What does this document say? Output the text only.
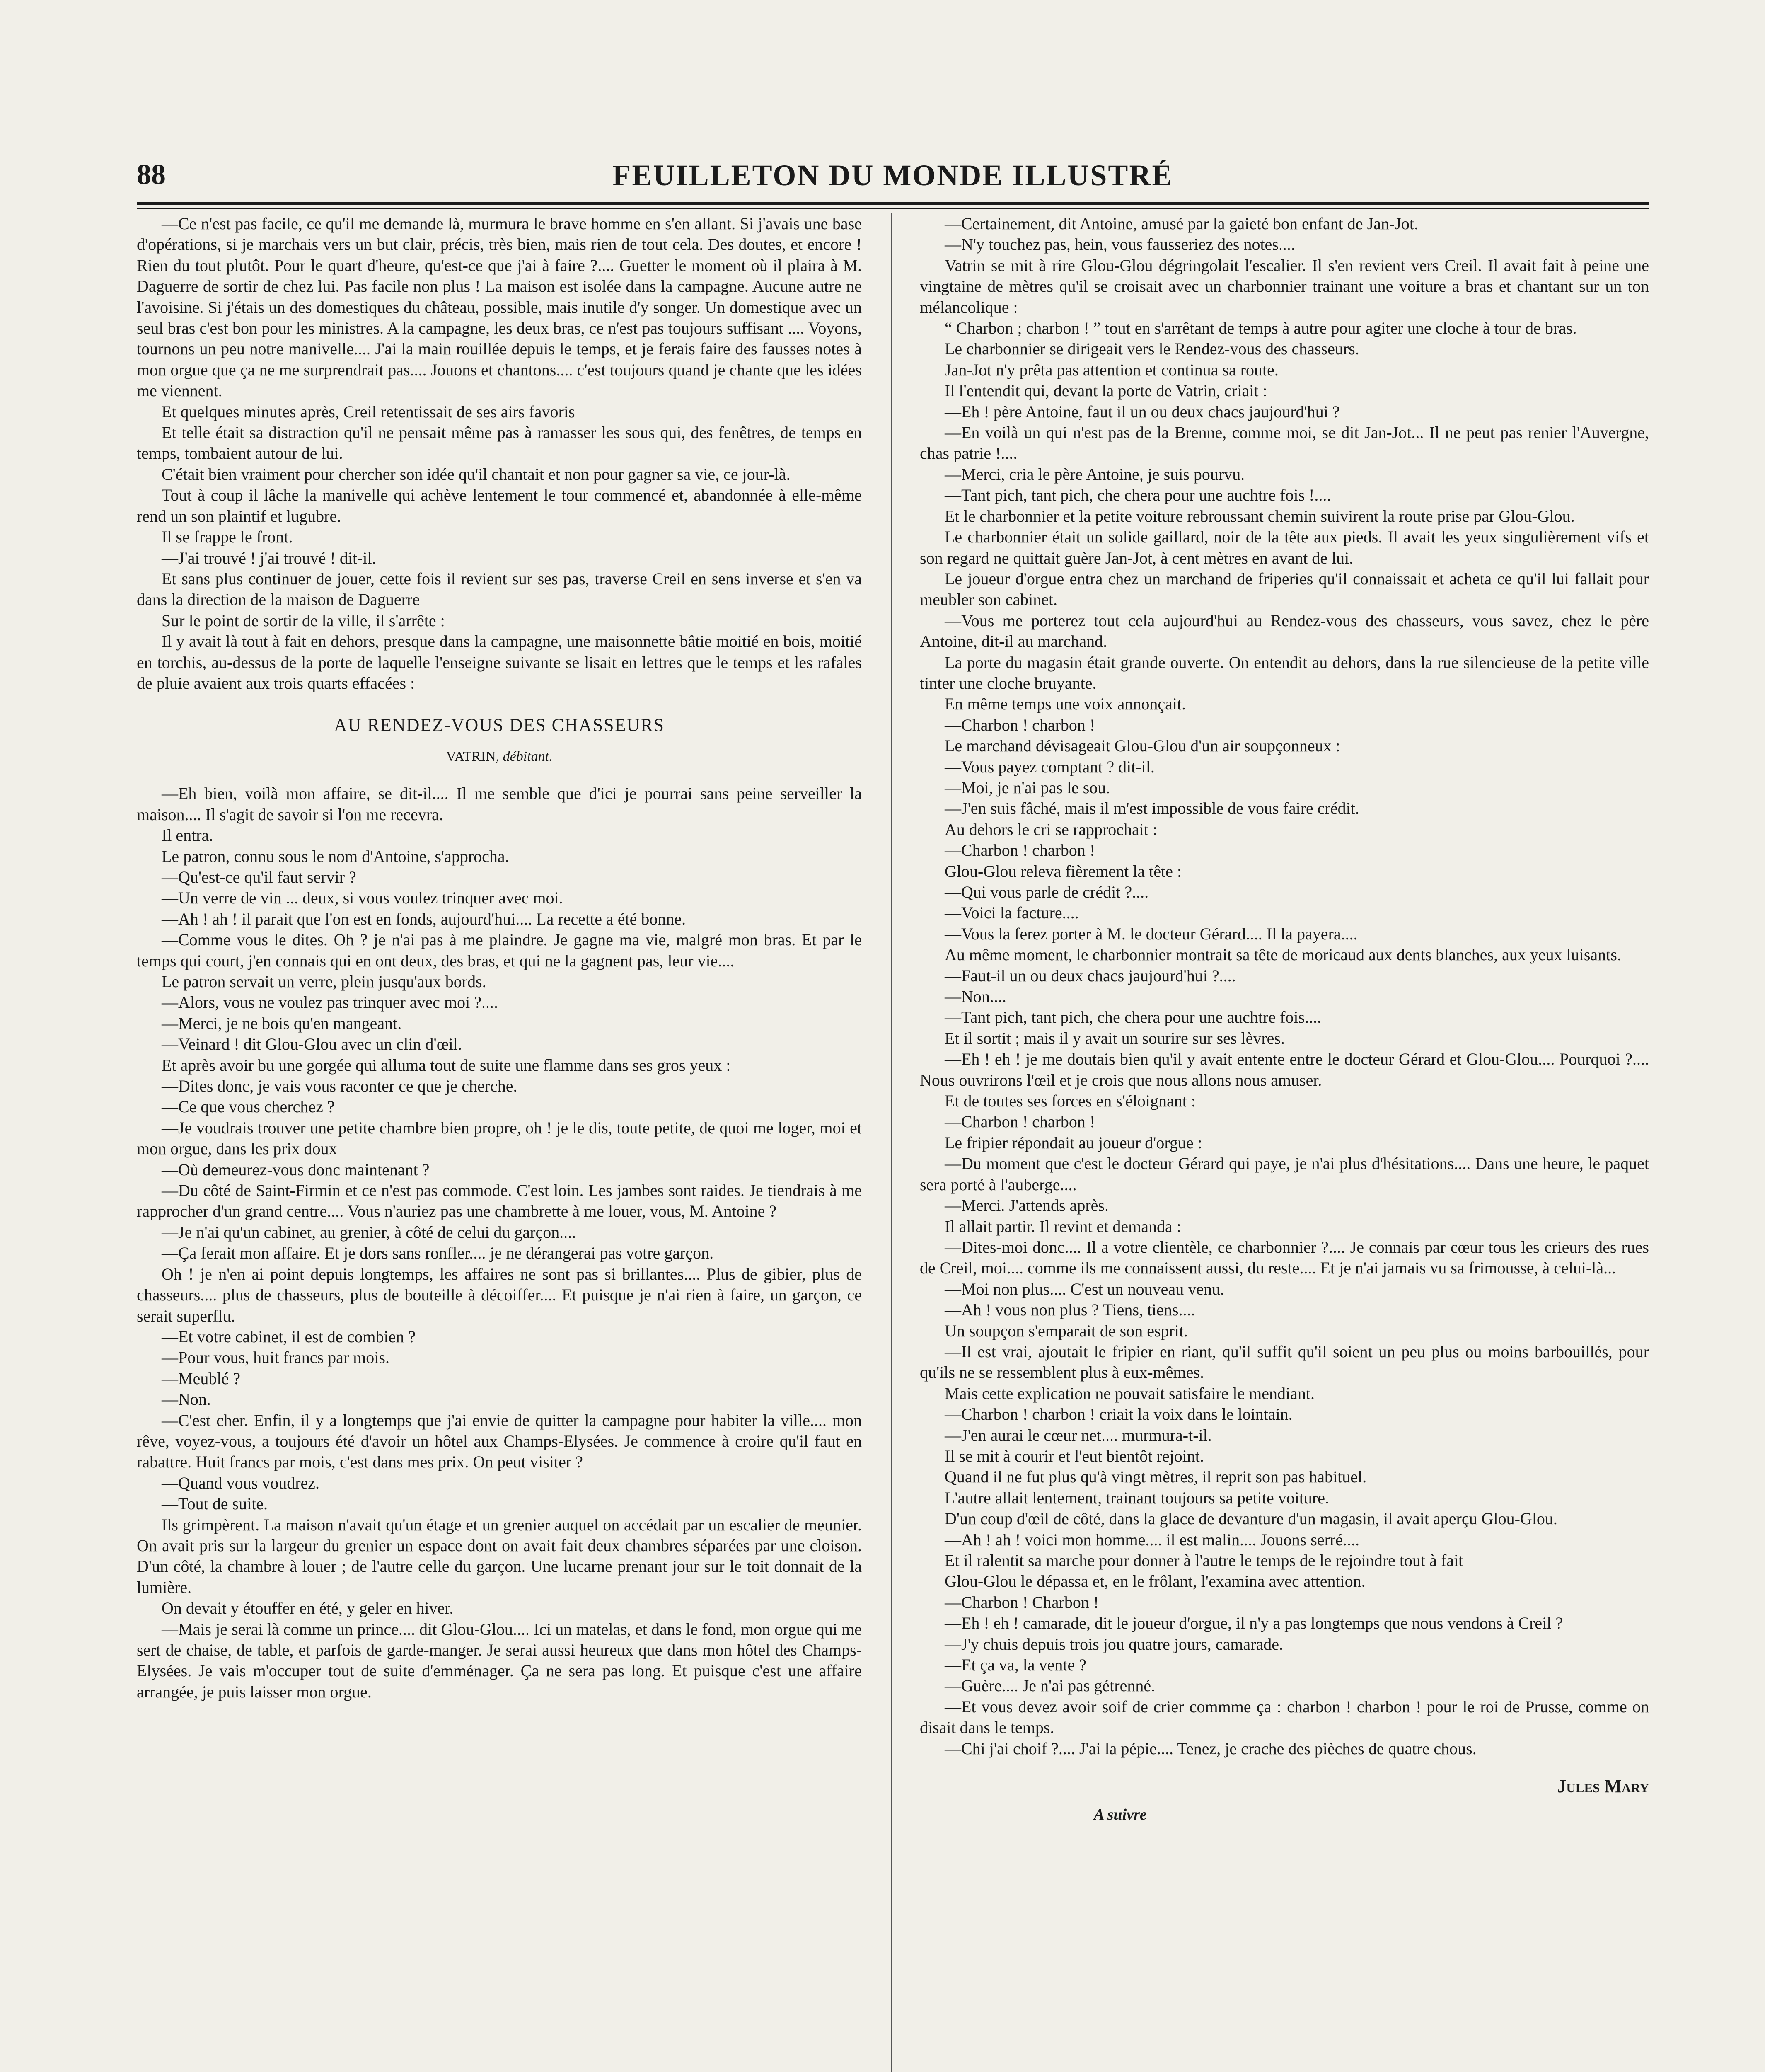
88	FEUILLETON DU MONDE ILLUSTRÉ

—Ce n'est pas facile, ce qu'il me demande là, murmura le brave homme en s'en allant. Si j'avais une base d'opérations, si je marchais vers un but clair, précis, très bien, mais rien de tout cela. Des doutes, et encore ! Rien du tout plutôt. Pour le quart d'heure, qu'est-ce que j'ai à faire ?.... Guetter le moment où il plaira à M. Daguerre de sortir de chez lui. Pas facile non plus ! La maison est isolée dans la campagne. Aucune autre ne l'avoisine. Si j'étais un des domestiques du château, possible, mais inutile d'y songer. Un domestique avec un seul bras c'est bon pour les ministres. A la campagne, les deux bras, ce n'est pas toujours suffisant .... Voyons, tournons un peu notre manivelle.... J'ai la main rouillée depuis le temps, et je ferais faire des fausses notes à mon orgue que ça ne me surprendrait pas.... Jouons et chantons.... c'est toujours quand je chante que les idées me viennent.

Et quelques minutes après, Creil retentissait de ses airs favoris

Et telle était sa distraction qu'il ne pensait même pas à ramasser les sous qui, des fenêtres, de temps en temps, tombaient autour de lui.

C'était bien vraiment pour chercher son idée qu'il chantait et non pour gagner sa vie, ce jour-là.

Tout à coup il lâche la manivelle qui achève lentement le tour commencé et, abandonnée à elle-même rend un son plaintif et lugubre.

Il se frappe le front.

—J'ai trouvé ! j'ai trouvé ! dit-il.

Et sans plus continuer de jouer, cette fois il revient sur ses pas, traverse Creil en sens inverse et s'en va dans la direction de la maison de Daguerre

Sur le point de sortir de la ville, il s'arrête :

Il y avait là tout à fait en dehors, presque dans la campagne, une maisonnette bâtie moitié en bois, moitié en torchis, au-dessus de la porte de laquelle l'enseigne suivante se lisait en lettres que le temps et les rafales de pluie avaient aux trois quarts effacées :

AU RENDEZ-VOUS DES CHASSEURS
VATRIN, débitant.

—Eh bien, voilà mon affaire, se dit-il.... Il me semble que d'ici je pourrai sans peine serveiller la maison.... Il s'agit de savoir si l'on me recevra.

Il entra.

Le patron, connu sous le nom d'Antoine, s'approcha.

—Qu'est-ce qu'il faut servir ?

—Un verre de vin ... deux, si vous voulez trinquer avec moi.

—Ah ! ah ! il parait que l'on est en fonds, aujourd'hui.... La recette a été bonne.

—Comme vous le dites. Oh ? je n'ai pas à me plaindre. Je gagne ma vie, malgré mon bras. Et par le temps qui court, j'en connais qui en ont deux, des bras, et qui ne la gagnent pas, leur vie....

Le patron servait un verre, plein jusqu'aux bords.

—Alors, vous ne voulez pas trinquer avec moi ?....

—Merci, je ne bois qu'en mangeant.

—Veinard ! dit Glou-Glou avec un clin d'œil.

Et après avoir bu une gorgée qui alluma tout de suite une flamme dans ses gros yeux :

—Dites donc, je vais vous raconter ce que je cherche.

—Ce que vous cherchez ?

—Je voudrais trouver une petite chambre bien propre, oh ! je le dis, toute petite, de quoi me loger, moi et mon orgue, dans les prix doux

—Où demeurez-vous donc maintenant ?

—Du côté de Saint-Firmin et ce n'est pas commode. C'est loin. Les jambes sont raides. Je tiendrais à me rapprocher d'un grand centre.... Vous n'auriez pas une chambrette à me louer, vous, M. Antoine ?

—Je n'ai qu'un cabinet, au grenier, à côté de celui du garçon....

—Ça ferait mon affaire. Et je dors sans ronfler.... je ne dérangerai pas votre garçon.

Oh ! je n'en ai point depuis longtemps, les affaires ne sont pas si brillantes.... Plus de gibier, plus de chasseurs.... plus de chasseurs, plus de bouteille à décoiffer.... Et puisque je n'ai rien à faire, un garçon, ce serait superflu.

—Et votre cabinet, il est de combien ?

—Pour vous, huit francs par mois.

—Meublé ?

—Non.

—C'est cher. Enfin, il y a longtemps que j'ai envie de quitter la campagne pour habiter la ville.... mon rêve, voyez-vous, a toujours été d'avoir un hôtel aux Champs-Elysées. Je commence à croire qu'il faut en rabattre. Huit francs par mois, c'est dans mes prix. On peut visiter ?

—Quand vous voudrez.

—Tout de suite.

Ils grimpèrent. La maison n'avait qu'un étage et un grenier auquel on accédait par un escalier de meunier. On avait pris sur la largeur du grenier un espace dont on avait fait deux chambres séparées par une cloison. D'un côté, la chambre à louer ; de l'autre celle du garçon. Une lucarne prenant jour sur le toit donnait de la lumière.

On devait y étouffer en été, y geler en hiver.

—Mais je serai là comme un prince.... dit Glou-Glou.... Ici un matelas, et dans le fond, mon orgue qui me sert de chaise, de table, et parfois de garde-manger. Je serai aussi heureux que dans mon hôtel des Champs-Elysées. Je vais m'occuper tout de suite d'emménager. Ça ne sera pas long. Et puisque c'est une affaire arrangée, je puis laisser mon orgue.

—Certainement, dit Antoine, amusé par la gaieté bon enfant de Jan-Jot.

—N'y touchez pas, hein, vous fausseriez des notes....

Vatrin se mit à rire Glou-Glou dégringolait l'escalier. Il s'en revient vers Creil. Il avait fait à peine une vingtaine de mètres qu'il se croisait avec un charbonnier trainant une voiture a bras et chantant sur un ton mélancolique :

“ Charbon ; charbon ! ” tout en s'arrêtant de temps à autre pour agiter une cloche à tour de bras.

Le charbonnier se dirigeait vers le Rendez-vous des chasseurs.

Jan-Jot n'y prêta pas attention et continua sa route.

Il l'entendit qui, devant la porte de Vatrin, criait :

—Eh ! père Antoine, faut il un ou deux chacs jaujourd'hui ?

—En voilà un qui n'est pas de la Brenne, comme moi, se dit Jan-Jot... Il ne peut pas renier l'Auvergne, chas patrie !....

—Merci, cria le père Antoine, je suis pourvu.

—Tant pich, tant pich, che chera pour une auchtre fois !....

Et le charbonnier et la petite voiture rebroussant chemin suivirent la route prise par Glou-Glou.

Le charbonnier était un solide gaillard, noir de la tête aux pieds. Il avait les yeux singulièrement vifs et son regard ne quittait guère Jan-Jot, à cent mètres en avant de lui.

Le joueur d'orgue entra chez un marchand de friperies qu'il connaissait et acheta ce qu'il lui fallait pour meubler son cabinet.

—Vous me porterez tout cela aujourd'hui au Rendez-vous des chasseurs, vous savez, chez le père Antoine, dit-il au marchand.

La porte du magasin était grande ouverte. On entendit au dehors, dans la rue silencieuse de la petite ville tinter une cloche bruyante.

En même temps une voix annonçait.

—Charbon ! charbon !

Le marchand dévisageait Glou-Glou d'un air soupçonneux :

—Vous payez comptant ? dit-il.

—Moi, je n'ai pas le sou.

—J'en suis fâché, mais il m'est impossible de vous faire crédit.

Au dehors le cri se rapprochait :

—Charbon ! charbon !

Glou-Glou releva fièrement la tête :

—Qui vous parle de crédit ?....

—Voici la facture....

—Vous la ferez porter à M. le docteur Gérard.... Il la payera....

Au même moment, le charbonnier montrait sa tête de moricaud aux dents blanches, aux yeux luisants.

—Faut-il un ou deux chacs jaujourd'hui ?....

—Non....

—Tant pich, tant pich, che chera pour une auchtre fois....

Et il sortit ; mais il y avait un sourire sur ses lèvres.

—Eh ! eh ! je me doutais bien qu'il y avait entente entre le docteur Gérard et Glou-Glou.... Pourquoi ?.... Nous ouvrirons l'œil et je crois que nous allons nous amuser.

Et de toutes ses forces en s'éloignant :

—Charbon ! charbon !

Le fripier répondait au joueur d'orgue :

—Du moment que c'est le docteur Gérard qui paye, je n'ai plus d'hésitations.... Dans une heure, le paquet sera porté à l'auberge....

—Merci. J'attends après.

Il allait partir. Il revint et demanda :

—Dites-moi donc.... Il a votre clientèle, ce charbonnier ?.... Je connais par cœur tous les crieurs des rues de Creil, moi.... comme ils me connaissent aussi, du reste.... Et je n'ai jamais vu sa frimousse, à celui-là...

—Moi non plus.... C'est un nouveau venu.

—Ah ! vous non plus ? Tiens, tiens....

Un soupçon s'emparait de son esprit.

—Il est vrai, ajoutait le fripier en riant, qu'il suffit qu'il soient un peu plus ou moins barbouillés, pour qu'ils ne se ressemblent plus à eux-mêmes.

Mais cette explication ne pouvait satisfaire le mendiant.

—Charbon ! charbon ! criait la voix dans le lointain.

—J'en aurai le cœur net.... murmura-t-il.

Il se mit à courir et l'eut bientôt rejoint.

Quand il ne fut plus qu'à vingt mètres, il reprit son pas habituel.

L'autre allait lentement, trainant toujours sa petite voiture.

D'un coup d'œil de côté, dans la glace de devanture d'un magasin, il avait aperçu Glou-Glou.

—Ah ! ah ! voici mon homme.... il est malin.... Jouons serré....

Et il ralentit sa marche pour donner à l'autre le temps de le rejoindre tout à fait

Glou-Glou le dépassa et, en le frôlant, l'examina avec attention.

—Charbon ! Charbon !

—Eh ! eh ! camarade, dit le joueur d'orgue, il n'y a pas longtemps que nous vendons à Creil ?

—J'y chuis depuis trois jou quatre jours, camarade.

—Et ça va, la vente ?

—Guère.... Je n'ai pas gétrenné.

—Et vous devez avoir soif de crier commme ça : charbon ! charbon ! pour le roi de Prusse, comme on disait dans le temps.

—Chi j'ai choif ?.... J'ai la pépie.... Tenez, je crache des pièches de quatre chous.

Jules Mary
A suivre
